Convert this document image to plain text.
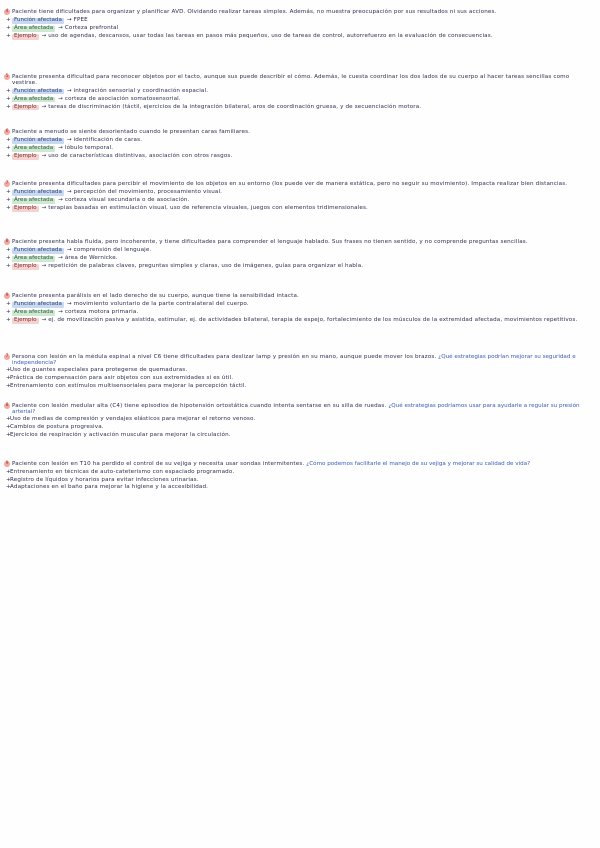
4 Paciente tiene dificultades para organizar y planificar AVD. Olvidando realizar tareas simples. Además, no muestra preocupación por sus resultados ni sus acciones.
+ Función afectada → FPEE
+ Área afectada → Corteza prefrontal
+ Ejemplo → uso de agendas, descansos, usar todas las tareas en pasos más pequeños, uso de tareas de control, autorrefuerzo en la evaluación de consecuencias.
5 Paciente presenta dificultad para reconocer objetos por el tacto, aunque sus puede describir el cómo. Además, le cuesta coordinar los dos lados de su cuerpo al hacer tareas sencillas como vestirse.
+ Función afectada → integración sensorial y coordinación espacial.
+ Área afectada → corteza de asociación somatosensorial.
+ Ejemplo → tareas de discriminación (táctil, ejercicios de la integración bilateral, aros de coordinación gruesa, y de secuenciación motora.
6 Paciente a menudo se siente desorientado cuando le presentan caras familiares.
+ Función afectada → identificación de caras.
+ Área afectada → lóbulo temporal.
+ Ejemplo → uso de características distintivas, asociación con otros rasgos.
7 Paciente presenta dificultades para percibir el movimiento de los objetos en su entorno (los puede ver de manera estática, pero no seguir su movimiento). Impacta realizar bien distancias.
+ Función afectada → percepción del movimiento, procesamiento visual.
+ Área afectada → corteza visual secundaria o de asociación.
+ Ejemplo → terapias basadas en estimulación visual, uso de referencia visuales, juegos con elementos tridimensionales.
8 Paciente presenta habla fluida, pero incoherente, y tiene dificultades para comprender el lenguaje hablado. Sus frases no tienen sentido, y no comprende preguntas sencillas.
+ Función afectada → comprensión del lenguaje.
+ Área afectada → área de Wernicke.
+ Ejemplo → repetición de palabras claves, preguntas simples y claras, uso de imágenes, guías para organizar el habla.
9 Paciente presenta parálisis en el lado derecho de su cuerpo, aunque tiene la sensibilidad intacta.
+ Función afectada → movimiento voluntario de la parte contralateral del cuerpo.
+ Área afectada → corteza motora primaria.
+ Ejemplo → ej. de movilización pasiva y asistida, estimular, ej. de actividades bilateral, terapia de espejo, fortalecimiento de los músculos de la extremidad afectada, movimientos repetitivos.
7 Persona con lesión en la médula espinal a nivel C6 tiene dificultades para deslizar lamp y presión en su mano, aunque puede mover los brazos. ¿Qué estrategias podrían mejorar su seguridad e independencia?
+ Uso de guantes especiales para protegerse de quemaduras.
+ Práctica de compensación para asir objetos con sus extremidades si es útil.
+ Entrenamiento con estímulos multisensoriales para mejorar la percepción táctil.
8 Paciente con lesión medular alta (C4) tiene episodios de hipotensión ortostática cuando intenta sentarse en su silla de ruedas. ¿Qué estrategias podríamos usar para ayudarle a regular su presión arterial?
+ Uso de medias de compresión y vendajes elásticos para mejorar el retorno venoso.
+ Cambios de postura progresiva.
+ Ejercicios de respiración y activación muscular para mejorar la circulación.
9 Paciente con lesión en T10 ha perdido el control de su vejiga y necesita usar sondas intermitentes. ¿Cómo podemos facilitarle el manejo de su vejiga y mejorar su calidad de vida?
+ Entrenamiento en técnicas de auto-cateterismo con espaciado programado.
+ Registro de líquidos y horarios para evitar infecciones urinarias.
+ Adaptaciones en el baño para mejorar la higiene y la accesibilidad.
